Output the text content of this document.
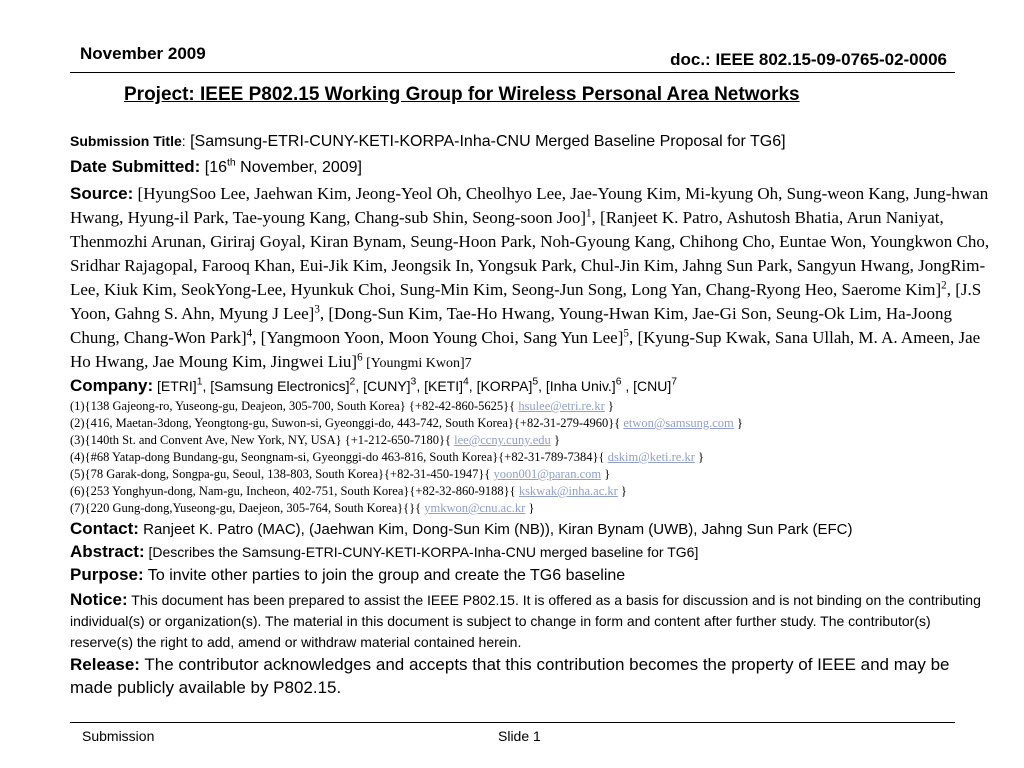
November 2009	doc.: IEEE 802.15-09-0765-02-0006
Project: IEEE P802.15 Working Group for Wireless Personal Area Networks
Submission Title: [Samsung-ETRI-CUNY-KETI-KORPA-Inha-CNU Merged Baseline Proposal for TG6]
Date Submitted: [16th November, 2009]
Source: [HyungSoo Lee, Jaehwan Kim, Jeong-Yeol Oh, Cheolhyo Lee, Jae-Young Kim, Mi-kyung Oh, Sung-weon Kang, Jung-hwan Hwang, Hyung-il Park, Tae-young Kang, Chang-sub Shin, Seong-soon Joo]$^1$, [Ranjeet K. Patro, Ashutosh Bhatia, Arun Naniyat, Thenmozhi Arunan, Giriraj Goyal, Kiran Bynam, Seung-Hoon Park, Noh-Gyoung Kang, Chihong Cho, Euntae Won, Youngkwon Cho, Sridhar Rajagopal, Farooq Khan, Eui-Jik Kim, Jeongsik In, Yongsuk Park, Chul-Jin Kim, Jahng Sun Park, Sangyun Hwang, JongRim- Lee, Kiuk Kim, SeokYong-Lee, Hyunkuk Choi, Sung-Min Kim, Seong-Jun Song, Long Yan, Chang-Ryong Heo, Saerome Kim]$^2$, [J.S Yoon, Gahng S. Ahn, Myung J Lee]$^3$, [Dong-Sun Kim, Tae-Ho Hwang, Young-Hwan Kim, Jae-Gi Son, Seung-Ok Lim, Ha-Joong Chung, Chang-Won Park]$^4$, [Yangmoon Yoon, Moon Young Choi, Sang Yun Lee]$^5$, [Kyung-Sup Kwak, Sana Ullah, M. A. Ameen, Jae Ho Hwang, Jae Moung Kim, Jingwei Liu]$^6$ [Youngmi Kwon]7
Company: [ETRI]$^1$, [Samsung Electronics]$^2$, [CUNY]$^3$, [KETI]$^4$, [KORPA]$^5$, [Inha Univ.]$^6$ , [CNU]$^7$
(1){138 Gajeong-ro, Yuseong-gu, Deajeon, 305-700, South Korea} {+82-42-860-5625}{ hsulee@etri.re.kr }
(2){416, Maetan-3dong, Yeongtong-gu, Suwon-si, Gyeonggi-do, 443-742, South Korea}{+82-31-279-4960}{ etwon@samsung.com }
(3){140th St. and Convent Ave, New York, NY, USA} {+1-212-650-7180}{ lee@ccny.cuny.edu }
(4){#68 Yatap-dong Bundang-gu, Seongnam-si, Gyeonggi-do 463-816, South Korea}{+82-31-789-7384}{ dskim@keti.re.kr }
(5){78 Garak-dong, Songpa-gu, Seoul, 138-803, South Korea}{+82-31-450-1947}{ yoon001@paran.com }
(6){253 Yonghyun-dong, Nam-gu, Incheon, 402-751, South Korea}{+82-32-860-9188}{ kskwak@inha.ac.kr }
(7){220 Gung-dong,Yuseong-gu, Daejeon, 305-764, South Korea}{}{ ymkwon@cnu.ac.kr }
Contact: Ranjeet K. Patro (MAC), (Jaehwan Kim, Dong-Sun Kim (NB)), Kiran Bynam (UWB), Jahng Sun Park (EFC)
Abstract: [Describes the Samsung-ETRI-CUNY-KETI-KORPA-Inha-CNU merged baseline for TG6]
Purpose: To invite other parties to join the group and create the TG6 baseline
Notice: This document has been prepared to assist the IEEE P802.15. It is offered as a basis for discussion and is not binding on the contributing individual(s) or organization(s). The material in this document is subject to change in form and content after further study. The contributor(s) reserve(s) the right to add, amend or withdraw material contained herein.
Release: The contributor acknowledges and accepts that this contribution becomes the property of IEEE and may be made publicly available by P802.15.
Submission	Slide 1
